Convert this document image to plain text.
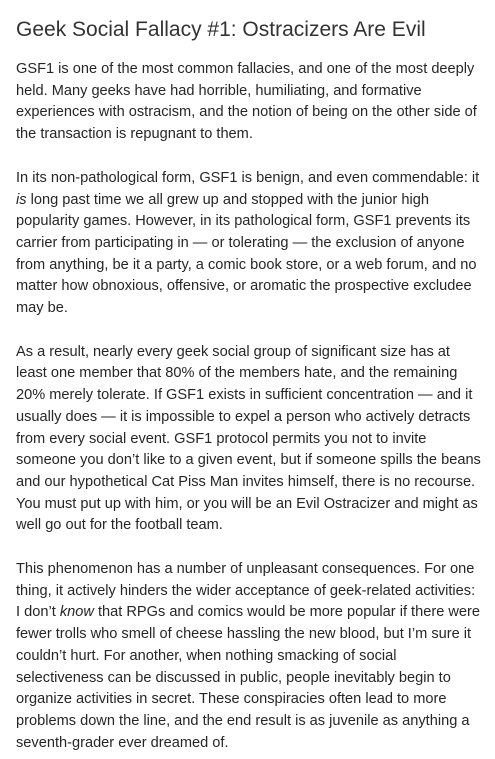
Geek Social Fallacy #1: Ostracizers Are Evil

GSF1 is one of the most common fallacies, and one of the most deeply held. Many geeks have had horrible, humiliating, and formative experiences with ostracism, and the notion of being on the other side of the transaction is repugnant to them.

In its non-pathological form, GSF1 is benign, and even commendable: it is long past time we all grew up and stopped with the junior high popularity games. However, in its pathological form, GSF1 prevents its carrier from participating in — or tolerating — the exclusion of anyone from anything, be it a party, a comic book store, or a web forum, and no matter how obnoxious, offensive, or aromatic the prospective excludee may be.

As a result, nearly every geek social group of significant size has at least one member that 80% of the members hate, and the remaining 20% merely tolerate. If GSF1 exists in sufficient concentration — and it usually does — it is impossible to expel a person who actively detracts from every social event. GSF1 protocol permits you not to invite someone you don’t like to a given event, but if someone spills the beans and our hypothetical Cat Piss Man invites himself, there is no recourse. You must put up with him, or you will be an Evil Ostracizer and might as well go out for the football team.

This phenomenon has a number of unpleasant consequences. For one thing, it actively hinders the wider acceptance of geek-related activities: I don’t know that RPGs and comics would be more popular if there were fewer trolls who smell of cheese hassling the new blood, but I’m sure it couldn’t hurt. For another, when nothing smacking of social selectiveness can be discussed in public, people inevitably begin to organize activities in secret. These conspiracies often lead to more problems down the line, and the end result is as juvenile as anything a seventh-grader ever dreamed of.
